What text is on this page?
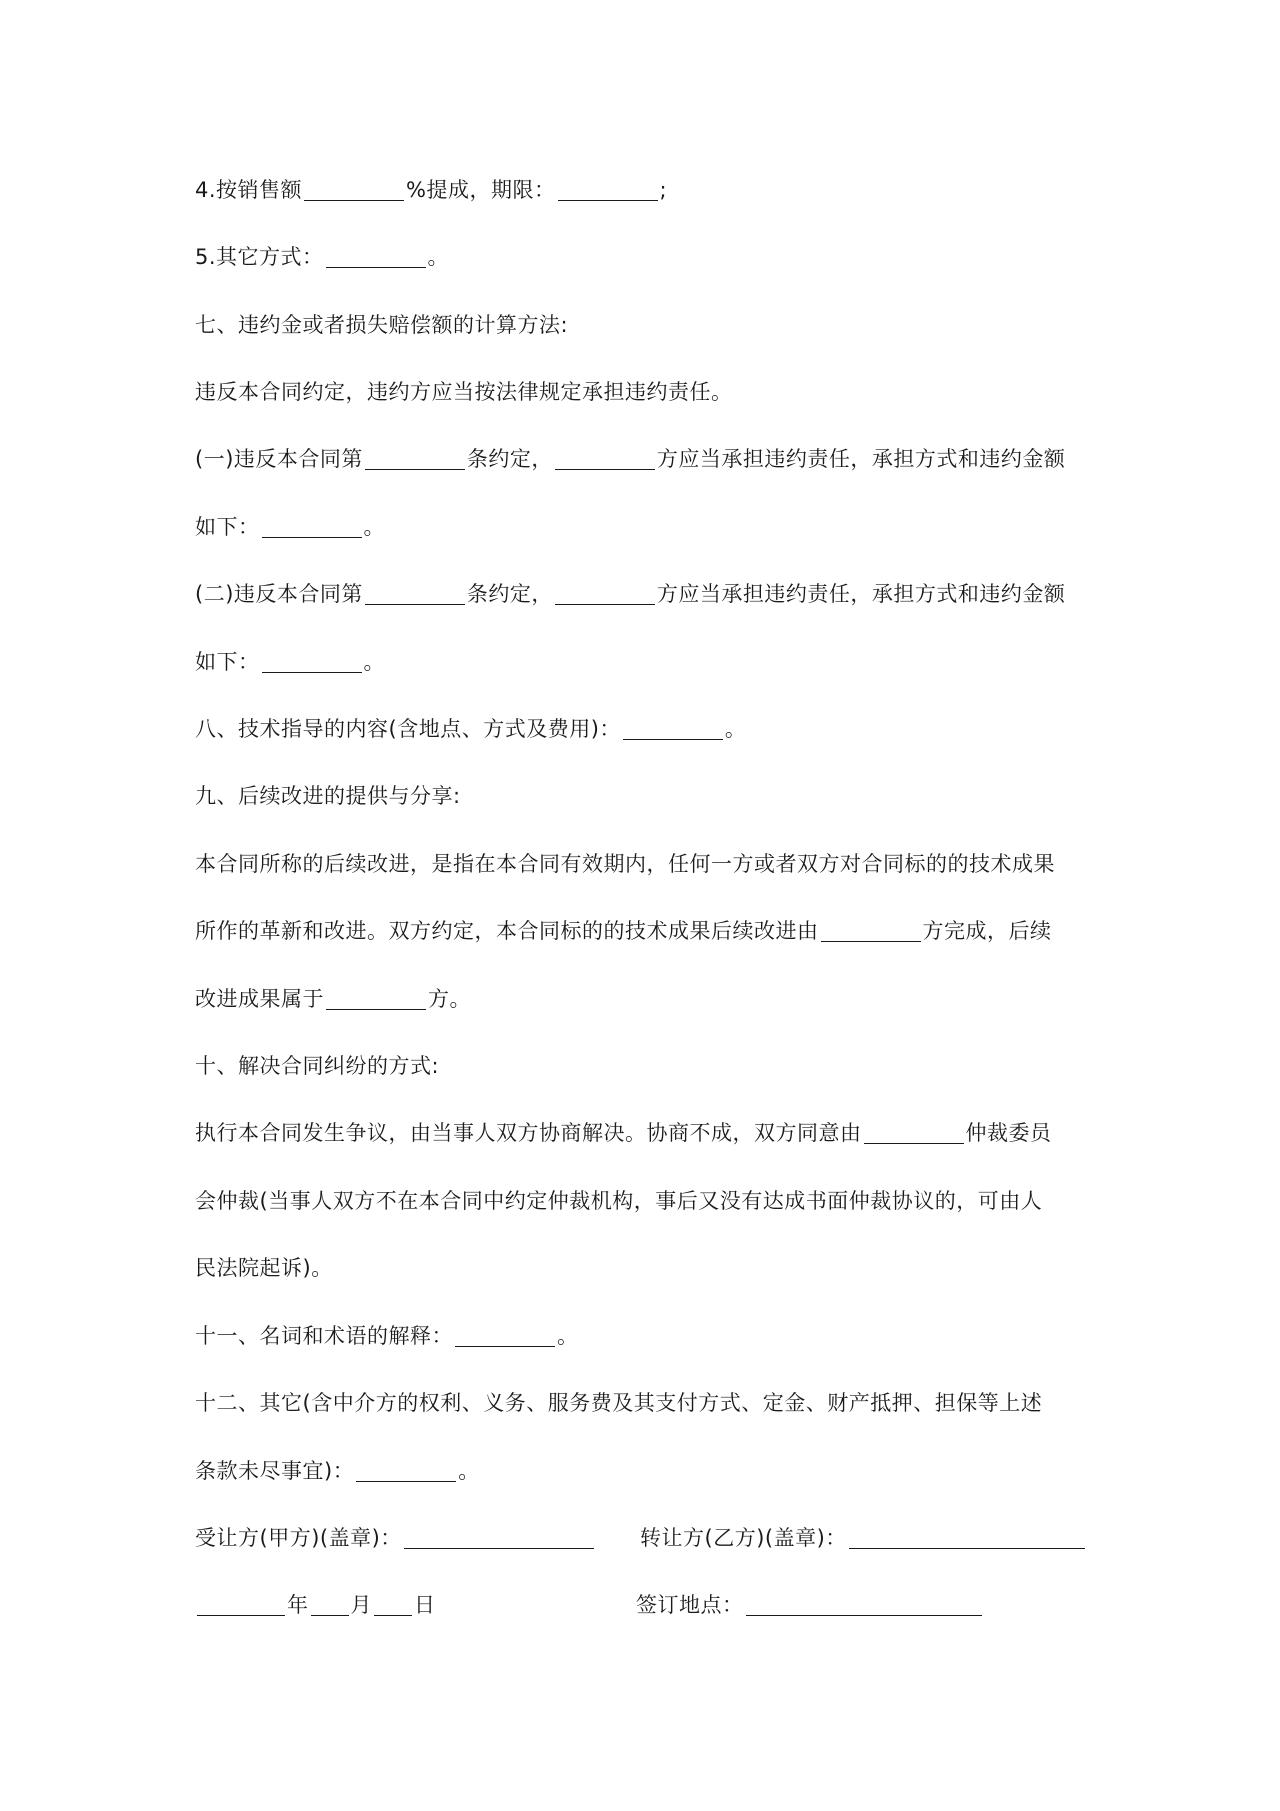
4.按销售额	%提成，期限：	;
5.其它方式：	。
七、违约金或者损失赔偿额的计算方法:
违反本合同约定，违约方应当按法律规定承担违约责任。
(一)违反本合同第	条约定，	方应当承担违约责任，承担方式和违约金额
如下：	。
(二)违反本合同第	条约定，	方应当承担违约责任，承担方式和违约金额
如下：	。
八、技术指导的内容(含地点、方式及费用)：	。
九、后续改进的提供与分享:
本合同所称的后续改进，是指在本合同有效期内，任何一方或者双方对合同标的的技术成果
所作的革新和改进。双方约定，本合同标的的技术成果后续改进由	方完成，后续
改进成果属于	方。
十、解决合同纠纷的方式:
执行本合同发生争议，由当事人双方协商解决。协商不成，双方同意由	仲裁委员
会仲裁(当事人双方不在本合同中约定仲裁机构，事后又没有达成书面仲裁协议的，可由人
民法院起诉)。
十一、名词和术语的解释：	。
十二、其它(含中介方的权利、义务、服务费及其支付方式、定金、财产抵押、担保等上述
条款未尽事宜)：	。
受让方(甲方)(盖章)：	转让方(乙方)(盖章)：
年 月 日	签订地点：
